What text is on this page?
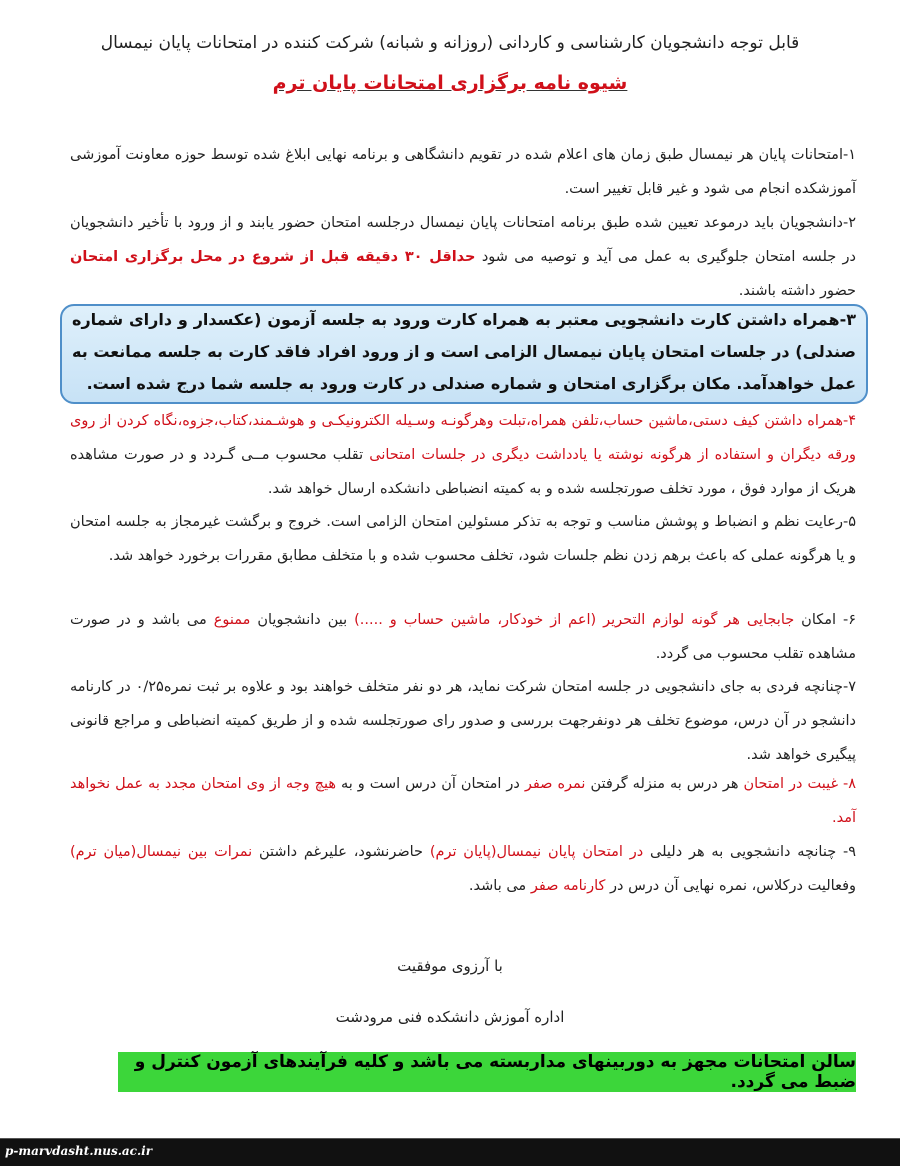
قابل توجه دانشجویان کارشناسی و کاردانی (روزانه و شبانه) شرکت کننده در امتحانات پایان نیمسال
شیوه نامه برگزاری امتحانات پایان ترم

۱-امتحانات پایان هر نیمسال طبق زمان های اعلام شده در تقویم دانشگاهی و برنامه نهایی ابلاغ شده توسط حوزه معاونت آموزشی آموزشکده انجام می شود و غیر قابل تغییر است.

۲-دانشجویان باید درموعد تعیین شده طبق برنامه امتحانات پایان نیمسال درجلسه امتحان حضور یابند و از ورود با تأخیر دانشجویان در جلسه امتحان جلوگیری به عمل می آید و توصیه می شود حداقل ۳۰ دقیقه قبل از شروع در محل برگزاری امتحان حضور داشته باشند.

۳-همراه داشتن کارت دانشجویی معتبر به همراه کارت ورود به جلسه آزمون (عکسدار و دارای شماره صندلی) در جلسات امتحان پایان نیمسال الزامی است و از ورود افراد فاقد کارت به جلسه ممانعت به عمل خواهدآمد. مکان برگزاری امتحان و شماره صندلی در کارت ورود به جلسه شما درج شده است.

۴-همراه داشتن کیف دستی،ماشین حساب،تلفن همراه،تبلت وهرگونـه وسـیله الکترونیکـی و هوشـمند،کتاب،جزوه،نگاه کردن از روی ورقه دیگران و استفاده از هرگونه نوشته یا یادداشت دیگری در جلسات امتحانی تقلب محسوب مــی گـردد و در صورت مشاهده هریک از موارد فوق ، مورد تخلف صورتجلسه شده و به کمیته انضباطی دانشکده ارسال خواهد شد.

۵-رعایت نظم و انضباط و پوشش مناسب و توجه به تذکر مسئولین امتحان الزامی است. خروج و برگشت غیرمجاز به جلسه امتحان و یا هرگونه عملی که باعث برهم زدن نظم جلسات شود، تخلف محسوب شده و با متخلف مطابق مقررات برخورد خواهد شد.

۶- امکان جابجایی هر گونه لوازم التحریر (اعم از خودکار، ماشین حساب و .....) بین دانشجویان ممنوع می باشد و در صورت مشاهده تقلب محسوب می گردد.

۷-چنانچه فردی به جای دانشجویی در جلسه امتحان شرکت نماید، هر دو نفر متخلف خواهند بود و علاوه بر ثبت نمره۰/۲۵ در کارنامه دانشجو در آن درس، موضوع تخلف هر دونفرجهت بررسی و صدور رای صورتجلسه شده و از طریق کمیته انضباطی و مراجع قانونی پیگیری خواهد شد.

۸- غیبت در امتحان هر درس به منزله گرفتن نمره صفر در امتحان آن درس است و به هیچ وجه از وی امتحان مجدد به عمل نخواهد آمد.

۹- چنانچه دانشجویی به هر دلیلی در امتحان پایان نیمسال(پایان ترم) حاضرنشود، علیرغم داشتن نمرات بین نیمسال(میان ترم) وفعالیت درکلاس، نمره نهایی آن درس در کارنامه صفر می باشد.

با آرزوی موفقیت
اداره آموزش دانشکده فنی مرودشت
سالن امتحانات مجهز به دوربینهای مداربسته می باشد و کلیه فرآیندهای آزمون کنترل و ضبط می گردد.
p-marvdasht.nus.ac.ir
